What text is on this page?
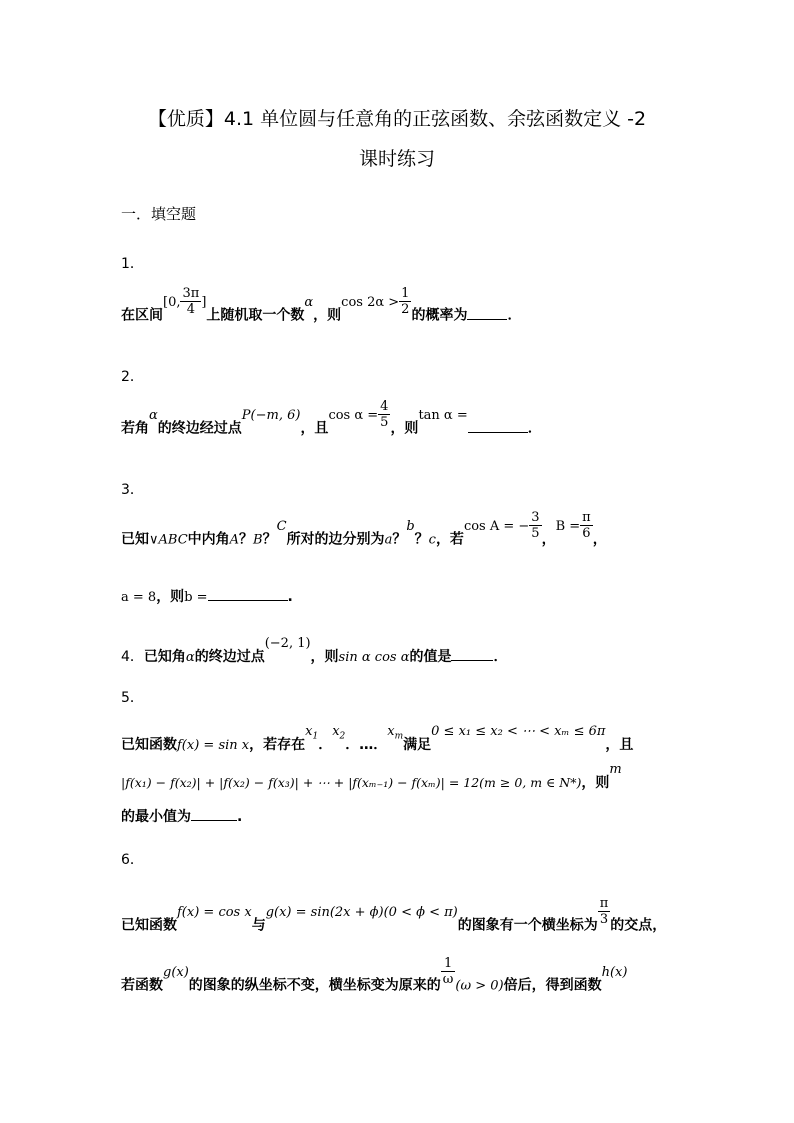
【优质】4.1 单位圆与任意角的正弦函数、余弦函数定义 -2
课时练习
一．填空题
1．
在区间[0, $\frac{3\pi}{4}$ ]上随机取一个数α，则$\cos 2\alpha > \frac{1}{2}$ 的概率为	．
2．
若角α的终边经过点P(−m, 6)，且$\cos \alpha = \frac{4}{5}$ ，则tan α =．
3．
已知∨ABC中内角A？B？C所对的边分别为a？b？c，若cos A = − $\frac{3}{5}$ ，$B = \frac{\pi}{6}$ ，
a = 8，则b =	.
4．已知角α的终边过点(−2, 1)，则sin α cos α的值是	．
5．
已知函数f(x) = sin x，若存在$x_1$．$x_2$．…．$x_m$满足0 ≤ x₁ ≤ x₂ < ⋯ < xₘ ≤ 6π，且
|f(x₁) − f(x₂)| + |f(x₂) − f(x₃)| + ⋯ + |f(xₘ₋₁) − f(xₘ)| = 12(m ≥ 0, m ∈ N*)，则m
的最小值为	.
6．
已知函数f(x) = cos x与g(x) = sin(2x + ϕ)(0 < ϕ < π)的图象有一个横坐标为 $\frac{\pi}{3}$ 的交点，
若函数g(x)的图象的纵坐标不变，横坐标变为原来的 $\frac{1}{\omega} (\omega > 0)$倍后，得到函数h(x)
